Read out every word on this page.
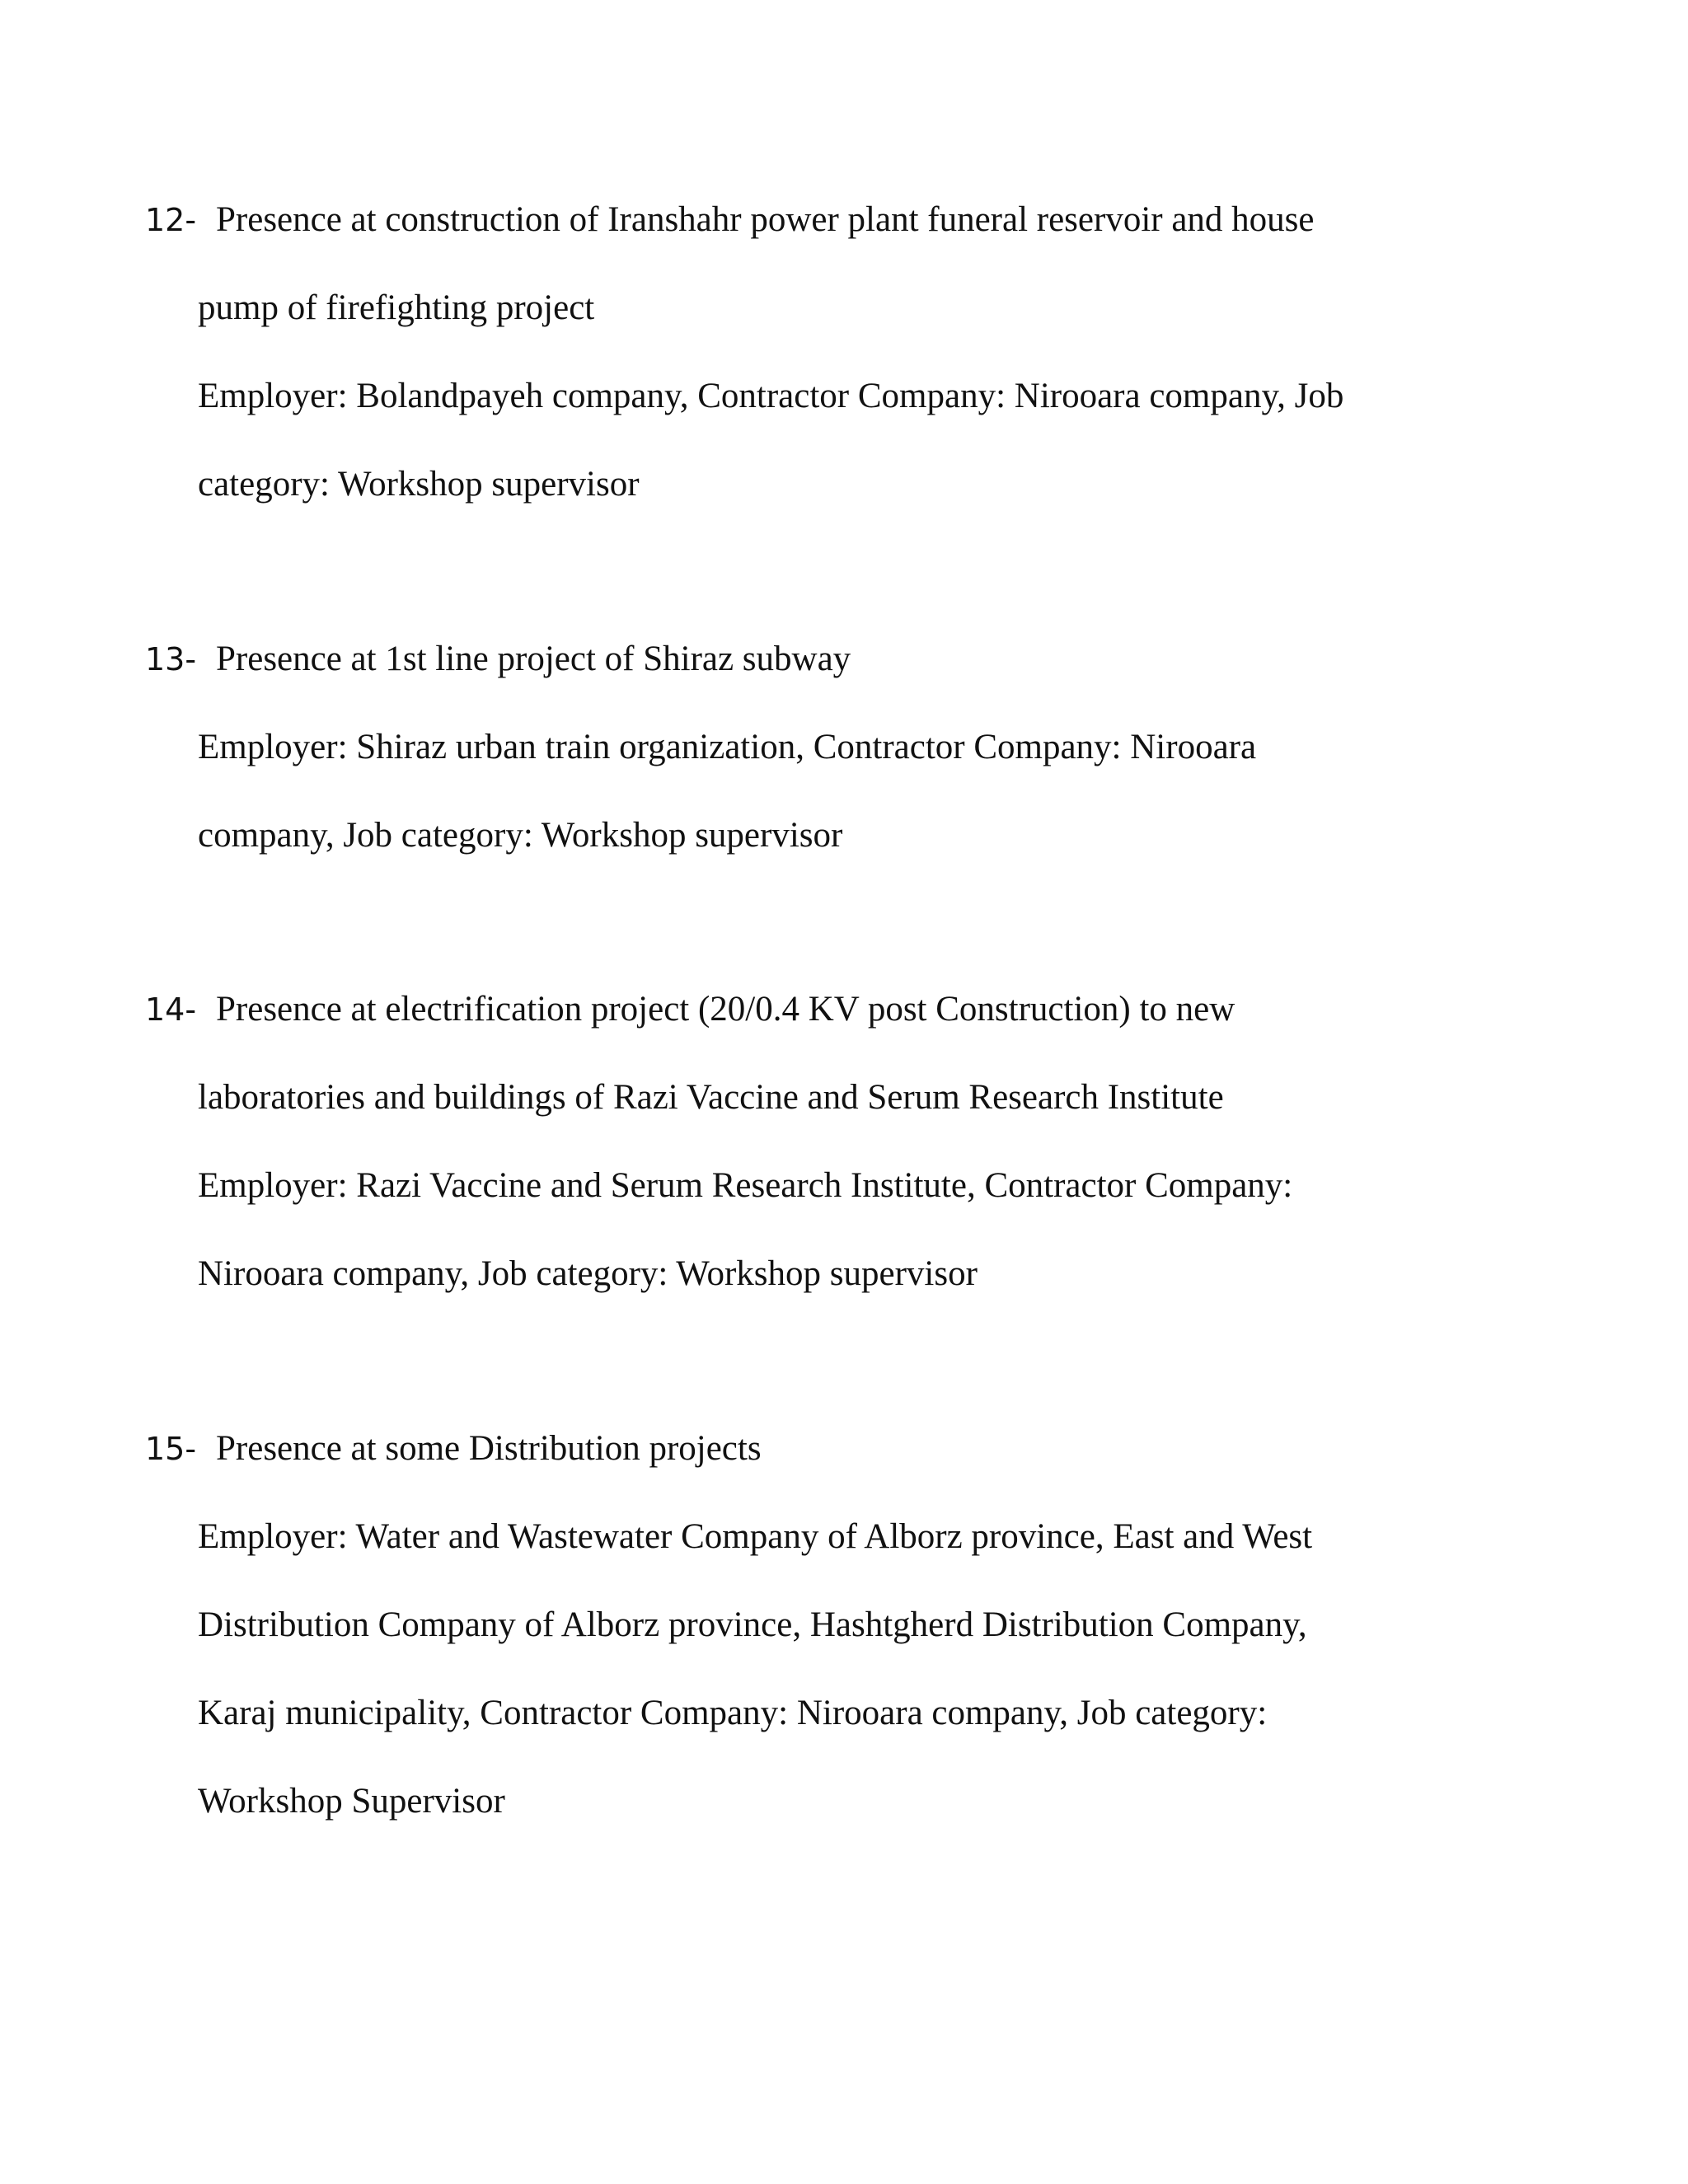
12- Presence at construction of Iranshahr power plant funeral reservoir and house
pump of firefighting project
Employer: Bolandpayeh company, Contractor Company: Nirooara company, Job
category: Workshop supervisor
13- Presence at 1st line project of Shiraz subway
Employer: Shiraz urban train organization, Contractor Company: Nirooara
company, Job category: Workshop supervisor
14- Presence at electrification project (20/0.4 KV post Construction) to new
laboratories and buildings of Razi Vaccine and Serum Research Institute
Employer: Razi Vaccine and Serum Research Institute, Contractor Company:
Nirooara company, Job category: Workshop supervisor
15- Presence at some Distribution projects
Employer: Water and Wastewater Company of Alborz province, East and West
Distribution Company of Alborz province, Hashtgherd Distribution Company,
Karaj municipality, Contractor Company: Nirooara company, Job category:
Workshop Supervisor
